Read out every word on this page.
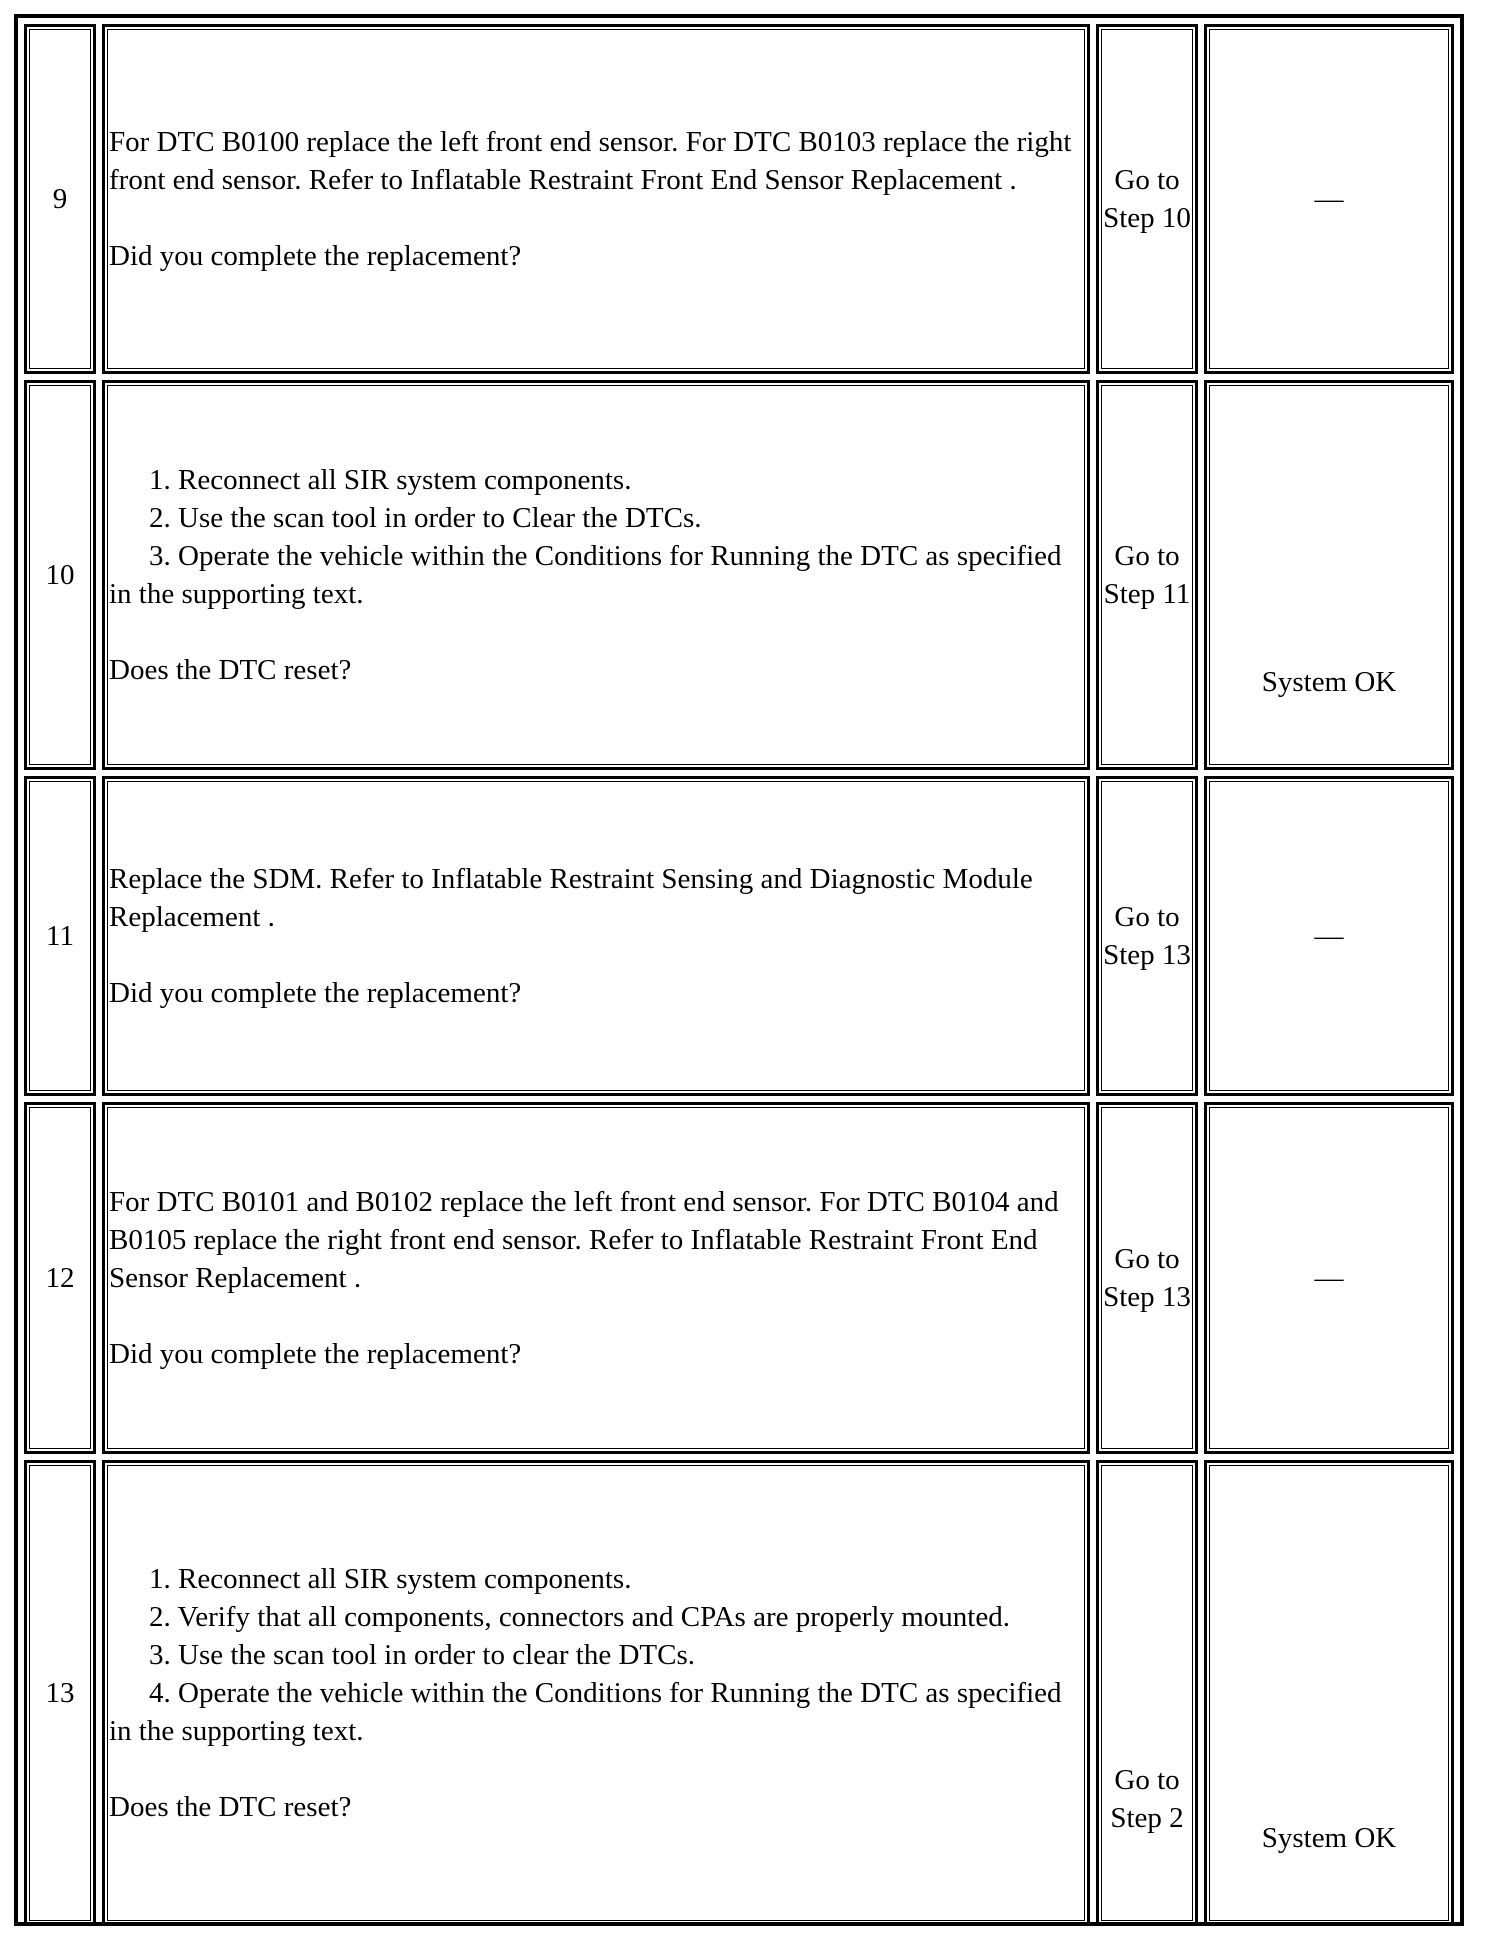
9	For DTC B0100 replace the left front end sensor. For DTC B0103 replace the right front end sensor. Refer to Inflatable Restraint Front End Sensor Replacement .

Did you complete the replacement?	Go to Step 10	—
10	1. Reconnect all SIR system components.

2. Use the scan tool in order to Clear the DTCs.

3. Operate the vehicle within the Conditions for Running the DTC as specified in the supporting text.

Does the DTC reset?	Go to Step 11	System OK
11	Replace the SDM. Refer to Inflatable Restraint Sensing and Diagnostic Module Replacement .

Did you complete the replacement?	Go to Step 13	—
12	For DTC B0101 and B0102 replace the left front end sensor. For DTC B0104 and B0105 replace the right front end sensor. Refer to Inflatable Restraint Front End Sensor Replacement .

Did you complete the replacement?	Go to Step 13	—
13	1. Reconnect all SIR system components.

2. Verify that all components, connectors and CPAs are properly mounted.

3. Use the scan tool in order to clear the DTCs.

4. Operate the vehicle within the Conditions for Running the DTC as specified in the supporting text.

Does the DTC reset?	Go to Step 2	System OK
